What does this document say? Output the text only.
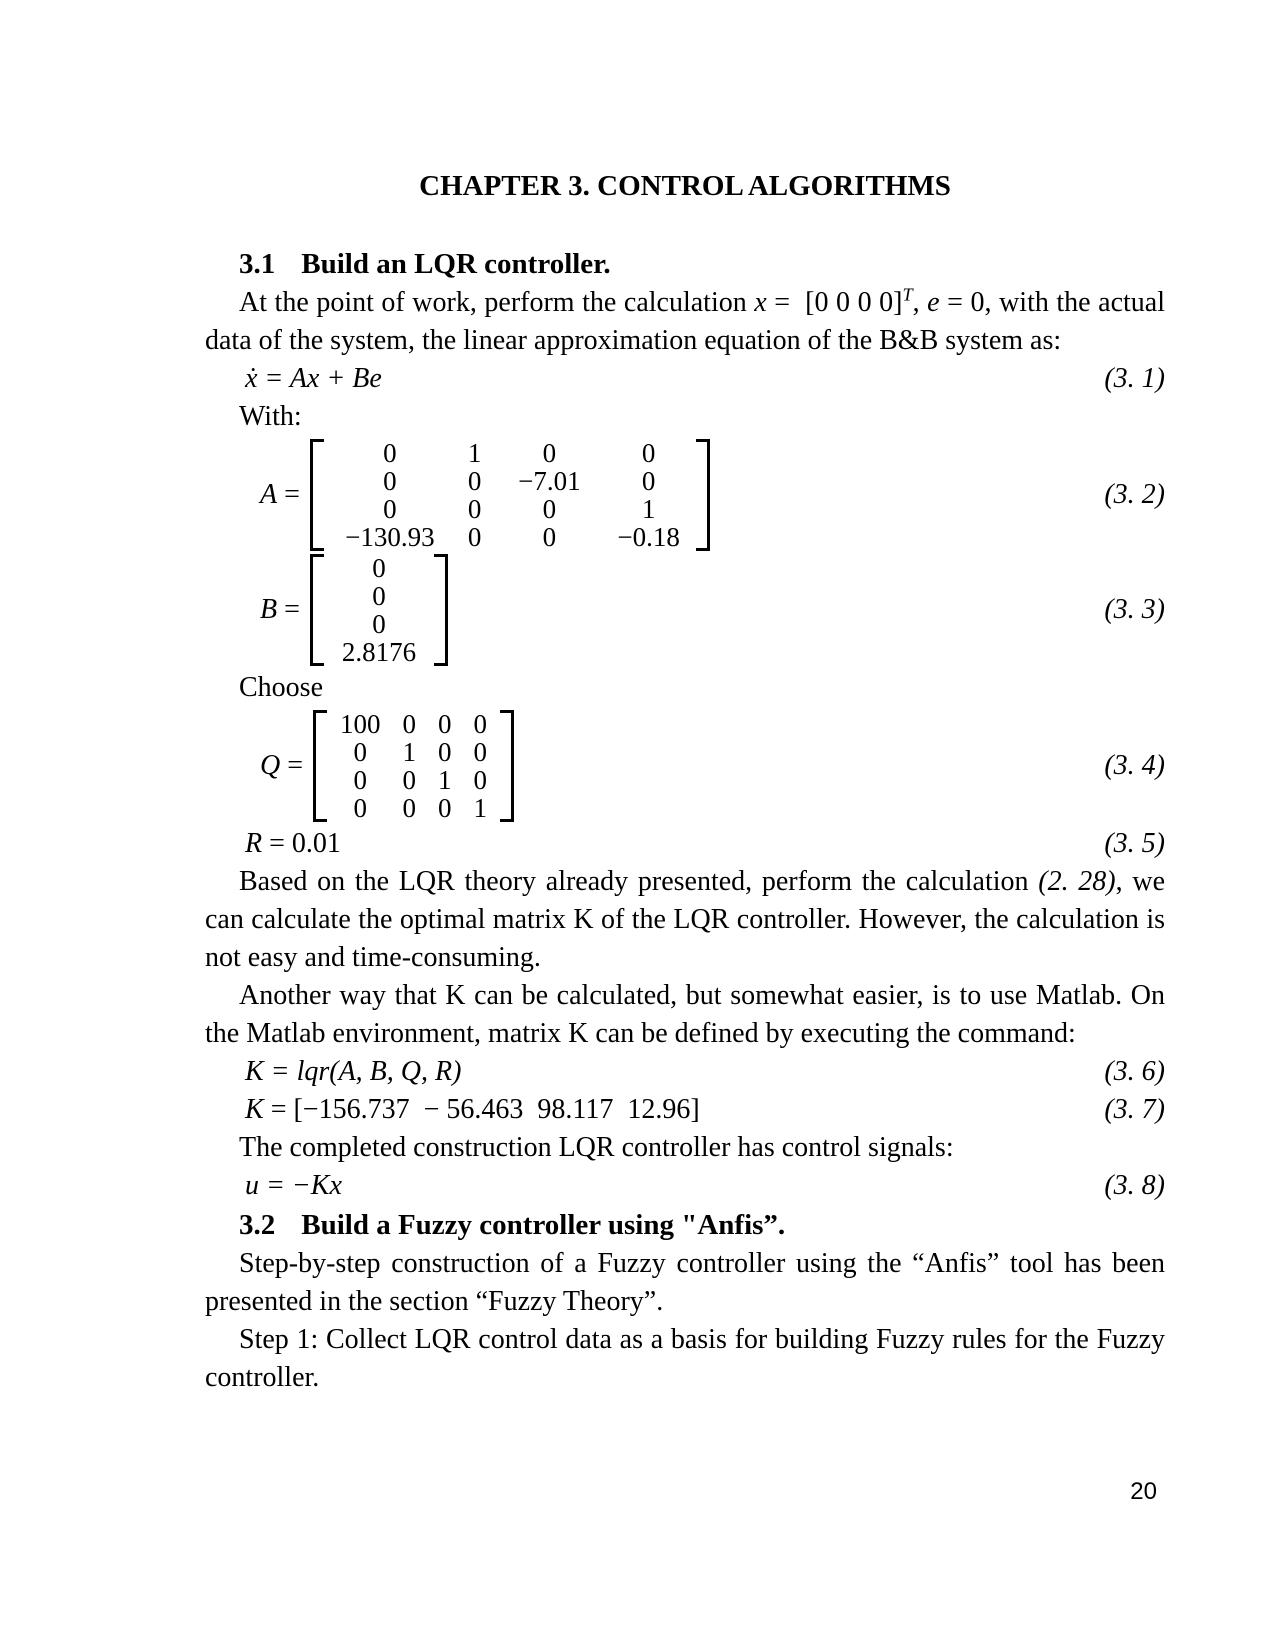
CHAPTER 3. CONTROL ALGORITHMS
3.1 Build an LQR controller.

At the point of work, perform the calculation x =  [0 0 0 0]$^T$, e = 0, with the actual data of the system, the linear approximation equation of the B&B system as:

ẋ = Ax + Be	(3. 1)

With:

A =
0	1	0	0
0	0	−7.01	0
0	0	0	1
−130.93	0	0	−0.18
(3. 2)
B =
0
0
0
2.8176
(3. 3)

Choose

Q =
100	0	0	0
0	1	0	0
0	0	1	0
0	0	0	1
(3. 4)
R = 0.01	(3. 5)

Based on the LQR theory already presented, perform the calculation (2. 28), we can calculate the optimal matrix K of the LQR controller. However, the calculation is not easy and time-consuming.

Another way that K can be calculated, but somewhat easier, is to use Matlab. On the Matlab environment, matrix K can be defined by executing the command:

K = lqr(A, B, Q, R)	(3. 6)
K = [−156.737  − 56.463  98.117  12.96]	(3. 7)

The completed construction LQR controller has control signals:

u = −Kx	(3. 8)
3.2 Build a Fuzzy controller using "Anfis”.

Step-by-step construction of a Fuzzy controller using the “Anfis” tool has been presented in the section “Fuzzy Theory”.

Step 1: Collect LQR control data as a basis for building Fuzzy rules for the Fuzzy controller.

20
